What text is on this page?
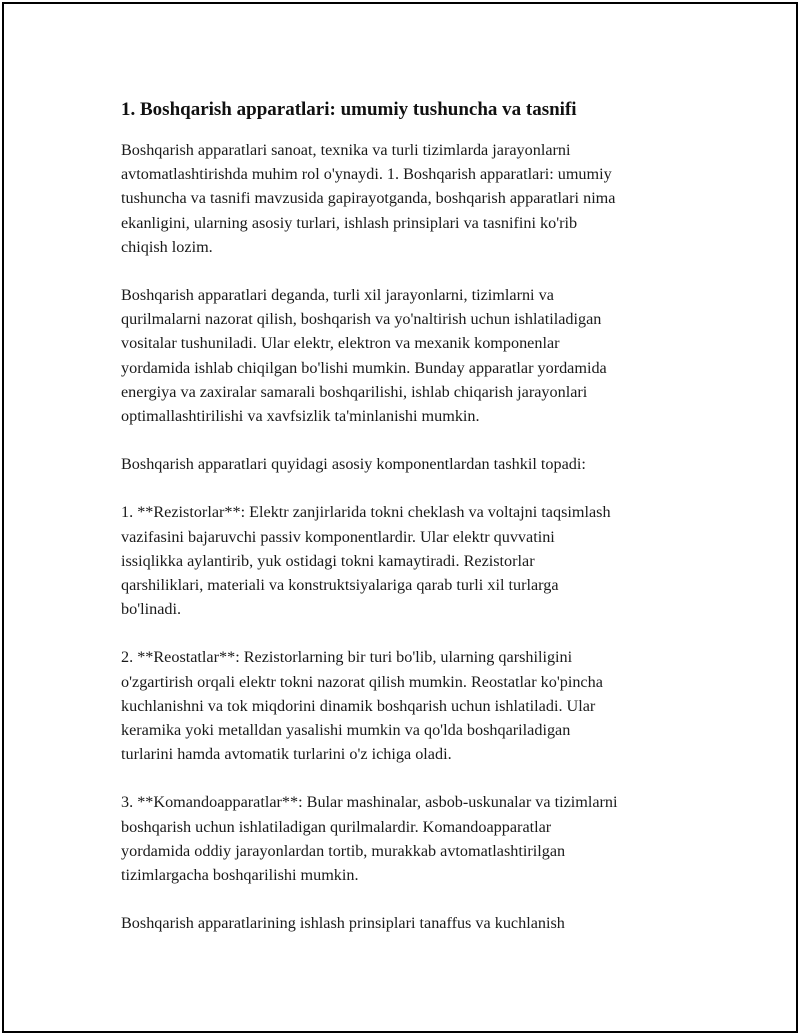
1. Boshqarish apparatlari: umumiy tushuncha va tasnifi

Boshqarish apparatlari sanoat, texnika va turli tizimlarda jarayonlarni
avtomatlashtirishda muhim rol o'ynaydi. 1. Boshqarish apparatlari: umumiy
tushuncha va tasnifi mavzusida gapirayotganda, boshqarish apparatlari nima
ekanligini, ularning asosiy turlari, ishlash prinsiplari va tasnifini ko'rib
chiqish lozim.

Boshqarish apparatlari deganda, turli xil jarayonlarni, tizimlarni va
qurilmalarni nazorat qilish, boshqarish va yo'naltirish uchun ishlatiladigan
vositalar tushuniladi. Ular elektr, elektron va mexanik komponenlar
yordamida ishlab chiqilgan bo'lishi mumkin. Bunday apparatlar yordamida
energiya va zaxiralar samarali boshqarilishi, ishlab chiqarish jarayonlari
optimallashtirilishi va xavfsizlik ta'minlanishi mumkin.

Boshqarish apparatlari quyidagi asosiy komponentlardan tashkil topadi:

1. **Rezistorlar**: Elektr zanjirlarida tokni cheklash va voltajni taqsimlash
vazifasini bajaruvchi passiv komponentlardir. Ular elektr quvvatini
issiqlikka aylantirib, yuk ostidagi tokni kamaytiradi. Rezistorlar
qarshiliklari, materiali va konstruktsiyalariga qarab turli xil turlarga
bo'linadi.

2. **Reostatlar**: Rezistorlarning bir turi bo'lib, ularning qarshiligini
o'zgartirish orqali elektr tokni nazorat qilish mumkin. Reostatlar ko'pincha
kuchlanishni va tok miqdorini dinamik boshqarish uchun ishlatiladi. Ular
keramika yoki metalldan yasalishi mumkin va qo'lda boshqariladigan
turlarini hamda avtomatik turlarini o'z ichiga oladi.

3. **Komandoapparatlar**: Bular mashinalar, asbob-uskunalar va tizimlarni
boshqarish uchun ishlatiladigan qurilmalardir. Komandoapparatlar
yordamida oddiy jarayonlardan tortib, murakkab avtomatlashtirilgan
tizimlargacha boshqarilishi mumkin.

Boshqarish apparatlarining ishlash prinsiplari tanaffus va kuchlanish
